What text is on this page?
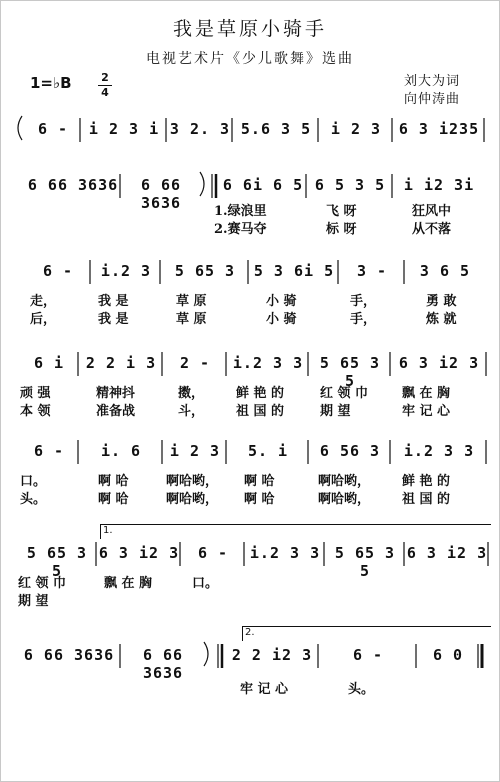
我是草原小骑手
电视艺术片《少儿歌舞》选曲
刘大为词
向仲涛曲
1=♭B	2
4
6 -	i 2 3 i 3 2. 3 5.6 3 5	i 2 3	6 3 i235
6 66 3636	6 66 3636
6 6i 6 5 6 5 3 5	i i2 3i
1.绿浪里	飞 呀	狂风中
2.赛马夺	标 呀	从不落
6 -	i.2 3	5 65 3	5 3 6i 5	3 -	3 6 5
走，	我 是	草 原	小 骑	手，	勇 敢
后，	我 是	草 原	小 骑	手，	炼 就
6 i	2 2 i 3	2 -	i.2 3 3	5 65 3 5
6 3 i2 3
顽 强	精神抖	擞， 鲜 艳 的	红 领 巾	飘 在 胸
本 领	准备战	斗， 祖 国 的	期 望	牢 记 心
6 -	i. 6	i 2 3	5. i	6 56 3	i.2 3 3
口。	啊 哈	啊哈哟， 啊 哈	啊哈哟， 鲜 艳 的
头。	啊 哈	啊哈哟， 啊 哈	啊哈哟， 祖 国 的
1.
5 65 3 5
6 3 i2 3	6 -	i.2 3 3 5 65 3 5
6 3 i2 3
红 领 巾	飘 在 胸	口。
期 望
2.
6 66 3636	6 66 3636
2 2 i2 3	6 -	6 0
牢 记 心	头。
